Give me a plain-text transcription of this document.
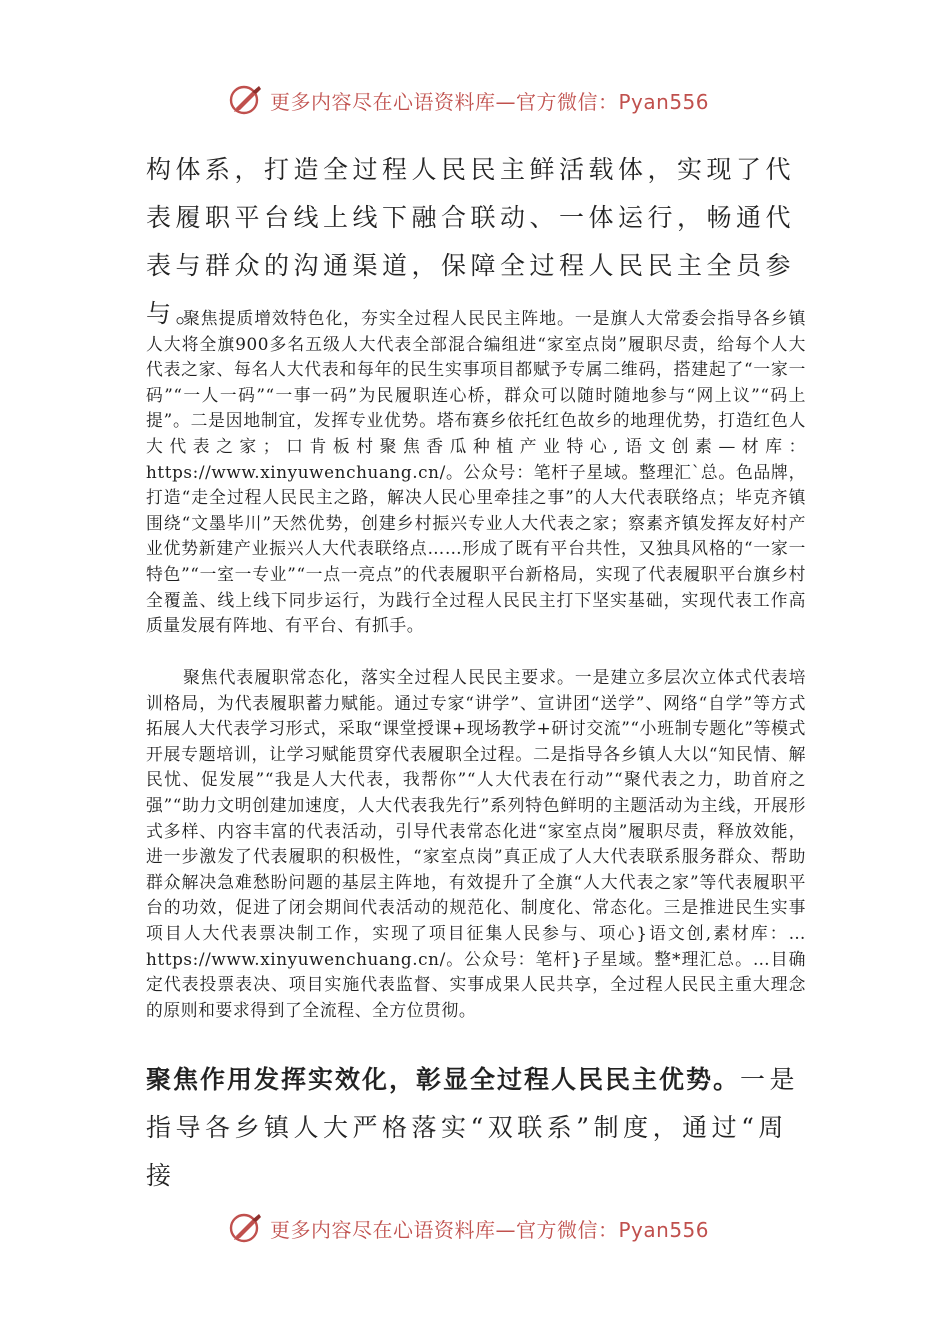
更多内容尽在心语资料库—官方微信：Pyan556

构体系，打造全过程人民民主鲜活载体，实现了代表履职平台线上线下融合联动、一体运行，畅通代表与群众的沟通渠道，保障全过程人民民主全员参与。

聚焦提质增效特色化，夯实全过程人民民主阵地。一是旗人大常委会指导各乡镇人大将全旗900多名五级人大代表全部混合编组进“家室点岗”履职尽责，给每个人大代表之家、每名人大代表和每年的民生实事项目都赋予专属二维码，搭建起了“一家一码”“一人一码”“一事一码”为民履职连心桥，群众可以随时随地参与“网上议”“码上提”。二是因地制宜，发挥专业优势。塔布赛乡依托红色故乡的地理优势，打造红色人大代表之家；口肯板村聚焦香瓜种植产业特心,语文创素—材库：https://www.xinyuwenchuang.cn/。公众号：笔杆子星域。整理汇`总。色品牌，打造“走全过程人民民主之路，解决人民心里牵挂之事”的人大代表联络点；毕克齐镇围绕“文墨毕川”天然优势，创建乡村振兴专业人大代表之家；察素齐镇发挥友好村产业优势新建产业振兴人大代表联络点……形成了既有平台共性，又独具风格的“一家一特色”“一室一专业”“一点一亮点”的代表履职平台新格局，实现了代表履职平台旗乡村全覆盖、线上线下同步运行，为践行全过程人民民主打下坚实基础，实现代表工作高质量发展有阵地、有平台、有抓手。

聚焦代表履职常态化，落实全过程人民民主要求。一是建立多层次立体式代表培训格局，为代表履职蓄力赋能。通过专家“讲学”、宣讲团“送学”、网络“自学”等方式拓展人大代表学习形式，采取“课堂授课+现场教学+研讨交流”“小班制专题化”等模式开展专题培训，让学习赋能贯穿代表履职全过程。二是指导各乡镇人大以“知民情、解民忧、促发展”“我是人大代表，我帮你”“人大代表在行动”“聚代表之力，助首府之强”“助力文明创建加速度，人大代表我先行”系列特色鲜明的主题活动为主线，开展形式多样、内容丰富的代表活动，引导代表常态化进“家室点岗”履职尽责，释放效能，进一步激发了代表履职的积极性，“家室点岗”真正成了人大代表联系服务群众、帮助群众解决急难愁盼问题的基层主阵地，有效提升了全旗“人大代表之家”等代表履职平台的功效，促进了闭会期间代表活动的规范化、制度化、常态化。三是推进民生实事项目人大代表票决制工作，实现了项目征集人民参与、项心}语文创,素材库：…https://www.xinyuwenchuang.cn/。公众号：笔杆}子星域。整*理汇总。…目确定代表投票表决、项目实施代表监督、实事成果人民共享，全过程人民民主重大理念的原则和要求得到了全流程、全方位贯彻。

聚焦作用发挥实效化，彰显全过程人民民主优势。一是指导各乡镇人大严格落实“双联系”制度，通过“周接

更多内容尽在心语资料库—官方微信：Pyan556
